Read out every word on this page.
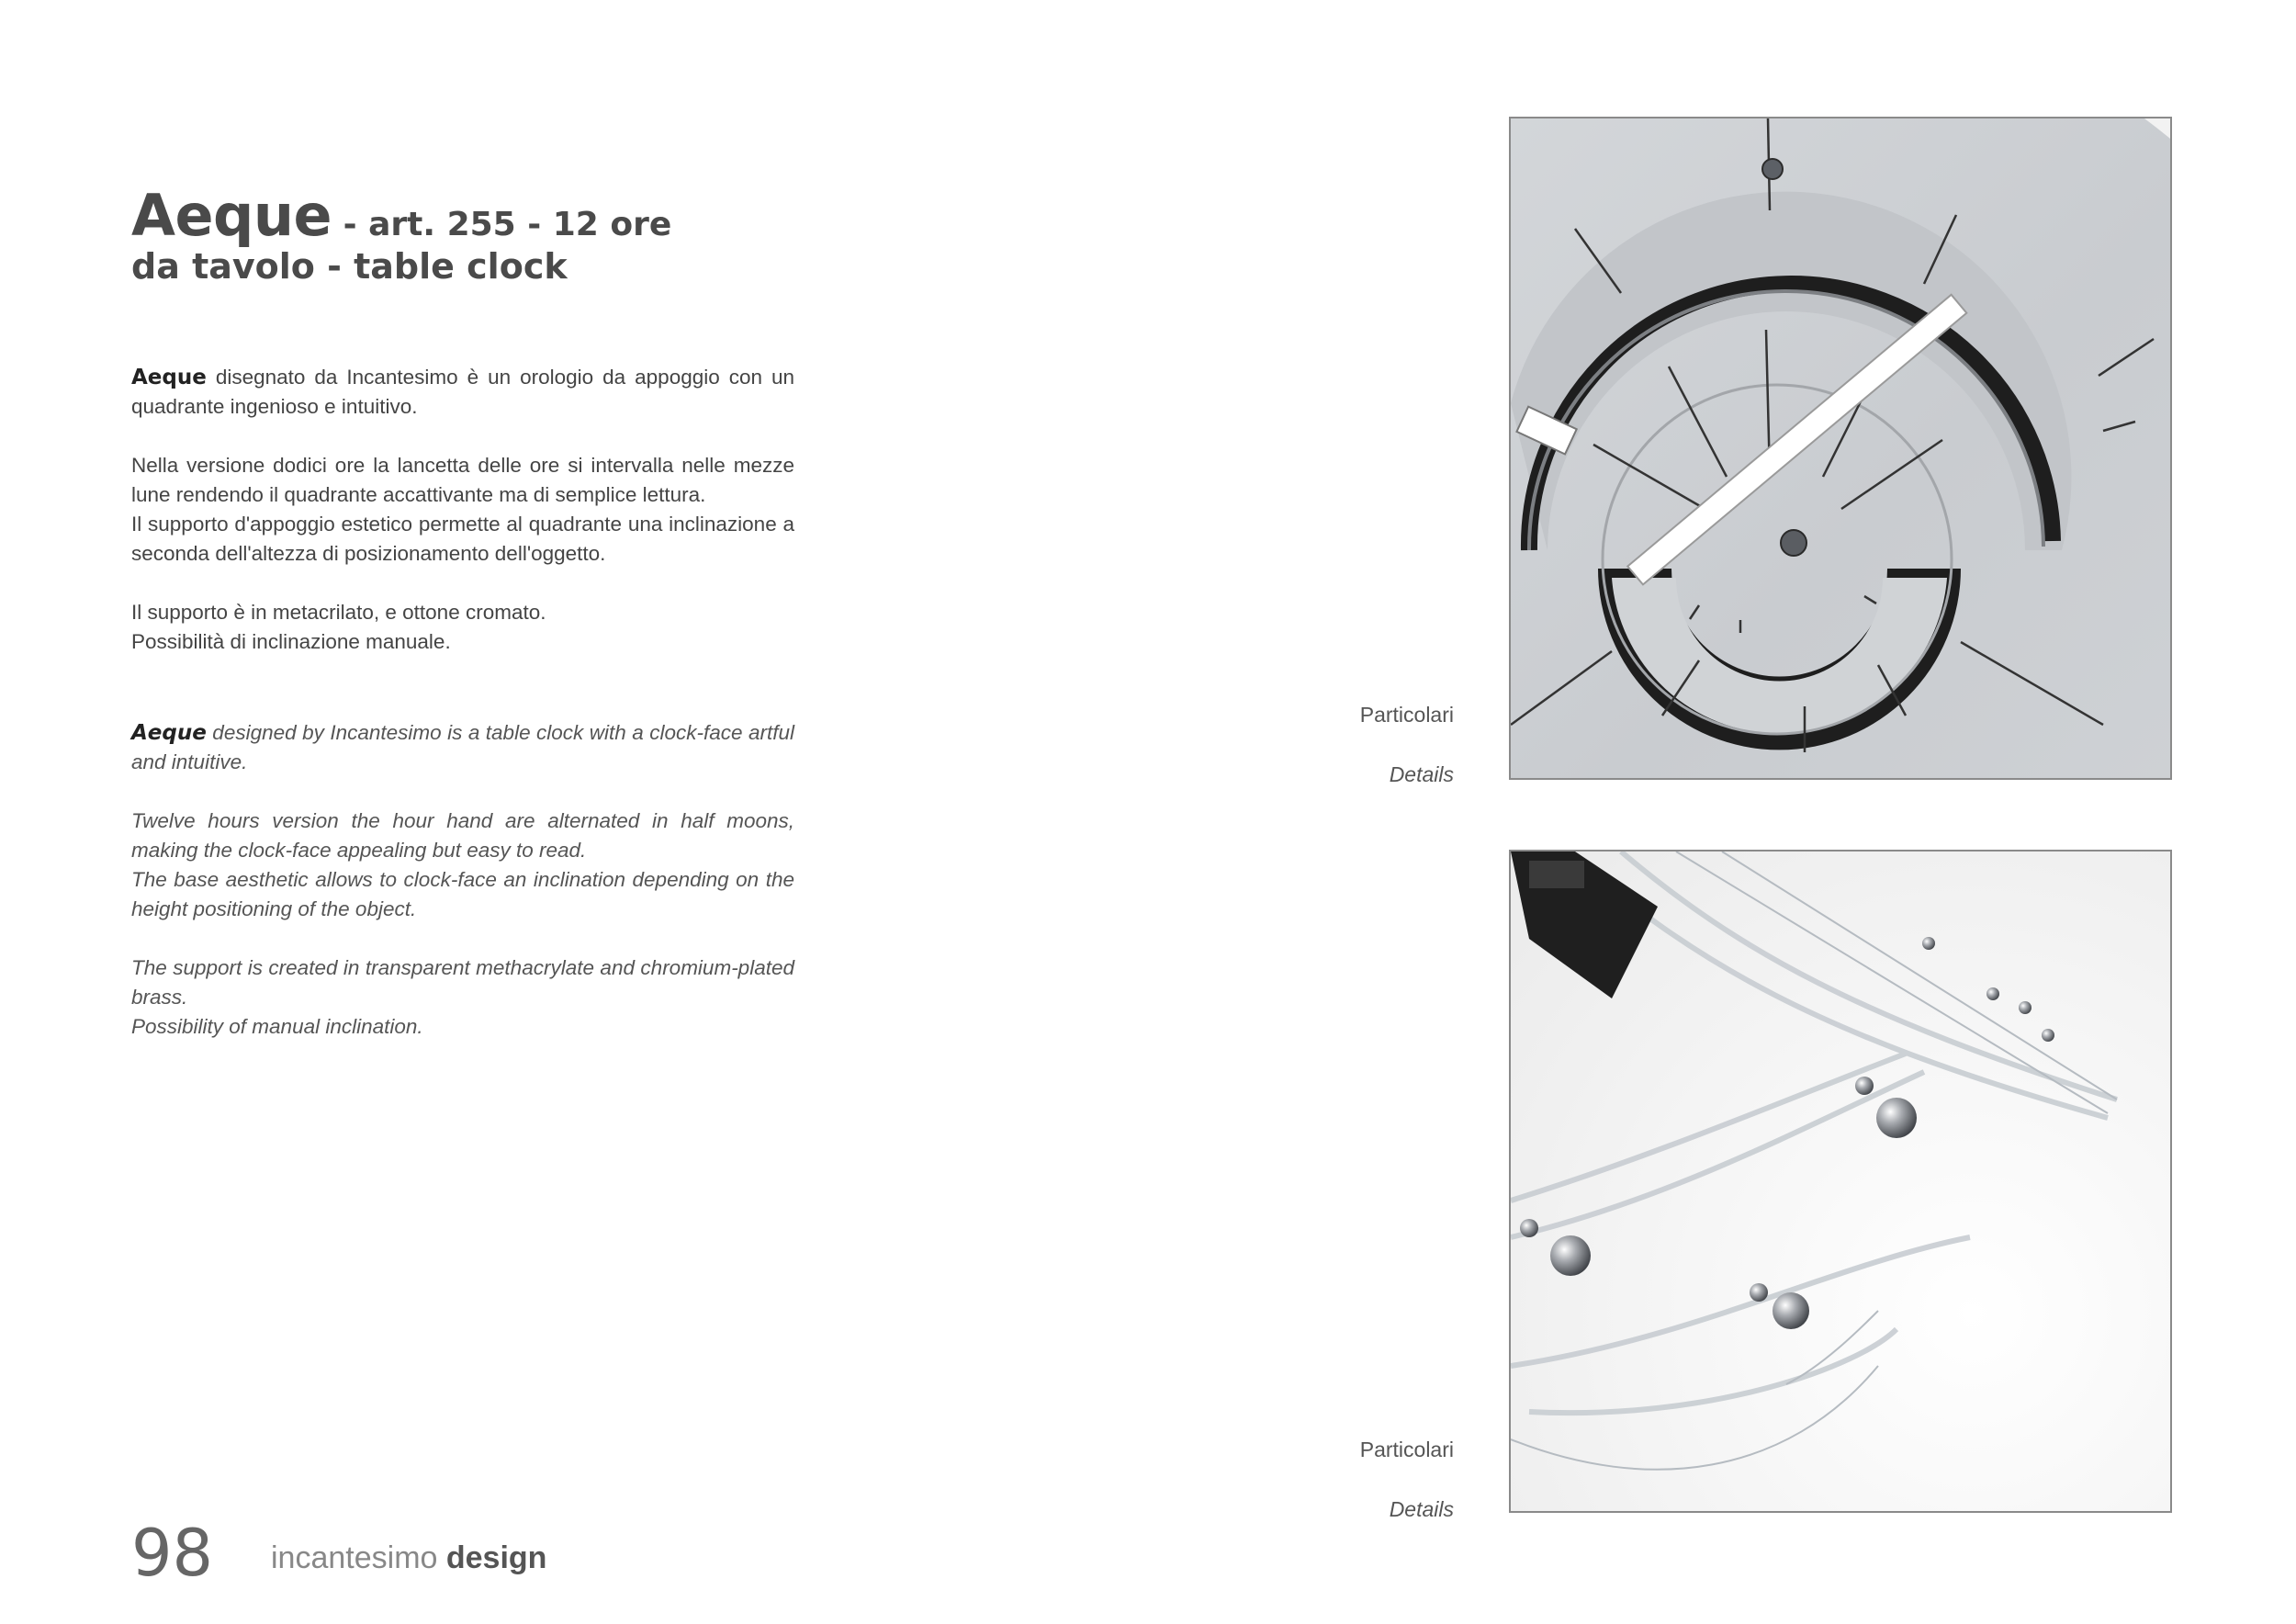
Aeque - art. 255 - 12 ore
da tavolo - table clock

Aeque disegnato da Incantesimo è un orologio da appoggio con un quadrante ingenioso e intuitivo.

Nella versione dodici ore la lancetta delle ore si intervalla nelle mezze lune rendendo il quadrante accattivante ma di semplice lettura.
Il supporto d'appoggio estetico permette al quadrante una inclinazione a seconda dell'altezza di posizionamento dell'oggetto.

Il supporto è in metacrilato, e ottone cromato.
Possibilità di inclinazione manuale.

Aeque designed by Incantesimo is a table clock with a clock-face artful and intuitive.

Twelve hours version the hour hand are alternated in half moons, making the clock-face appealing but easy to read.
The base aesthetic allows to clock-face an inclination depending on the height positioning of the object.

The support is created in transparent methacrylate and chromium-plated brass.
Possibility of manual inclination.

Particolari
Details
Particolari
Details
98 incantesimo design
